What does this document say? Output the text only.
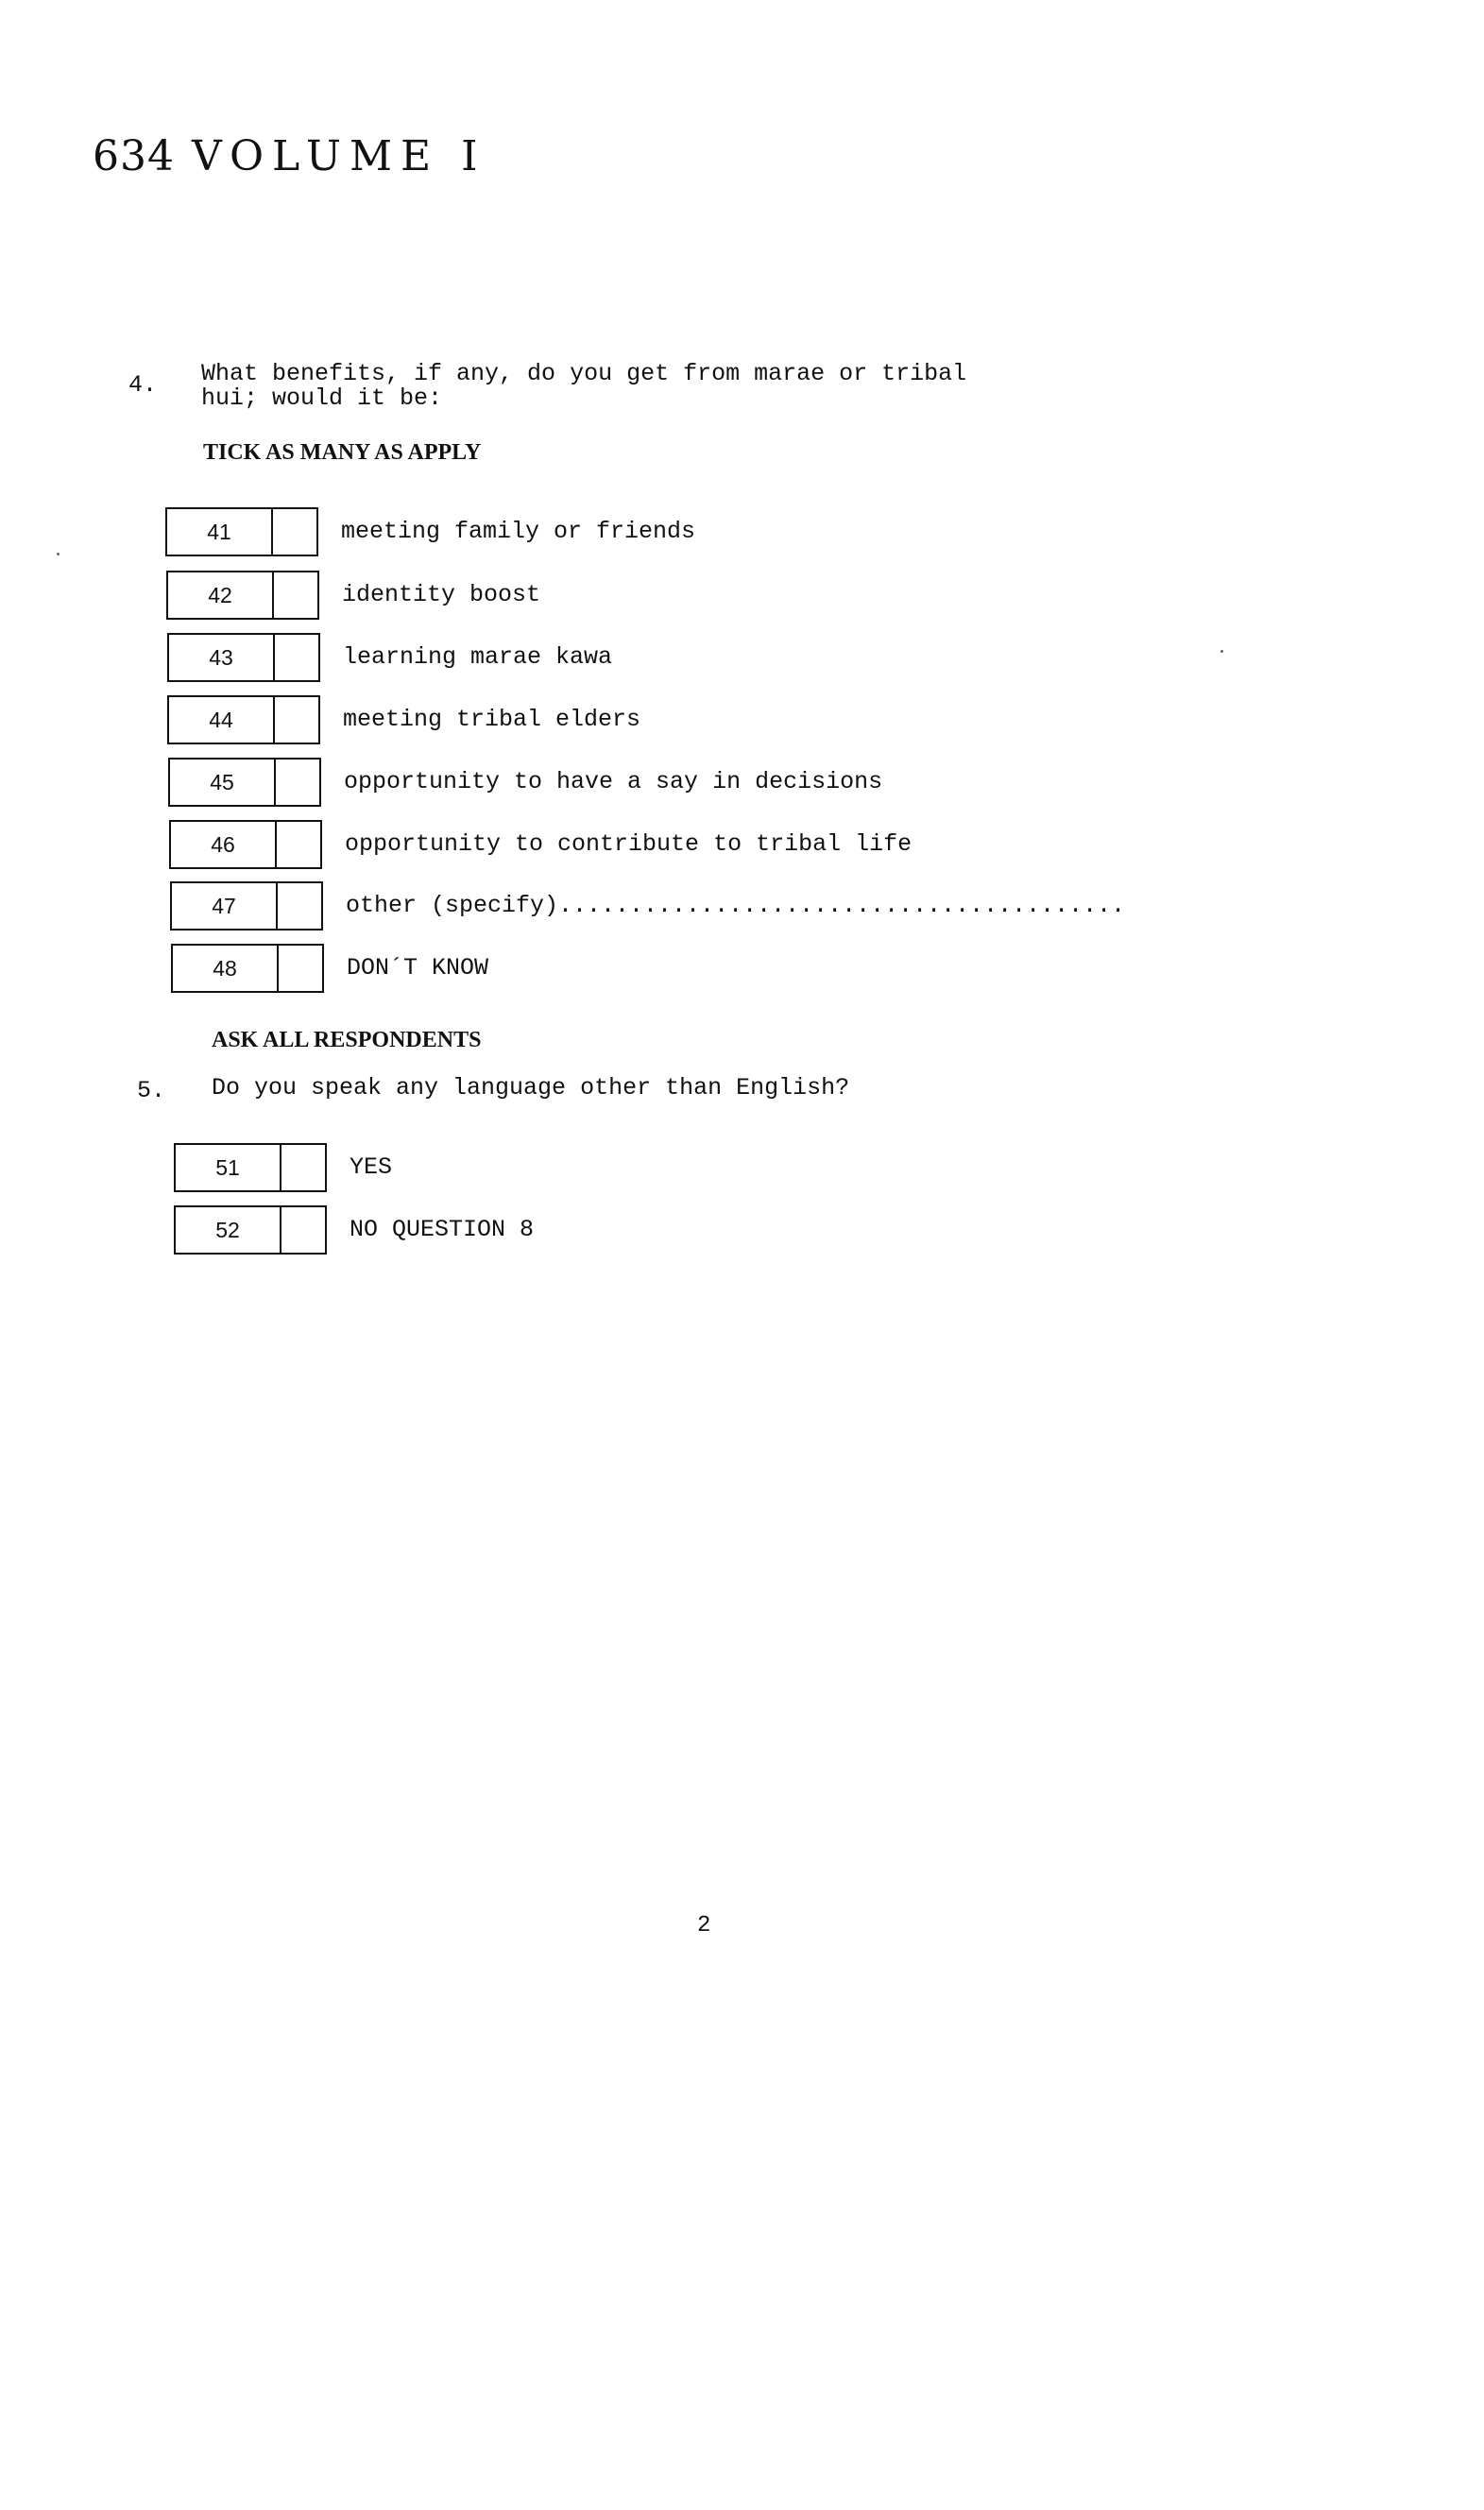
634 VOLUME I
4. What benefits, if any, do you get from marae or tribal
hui; would it be:
TICK AS MANY AS APPLY
41	meeting family or friends
42	identity boost
43	learning marae kawa
44	meeting tribal elders
45	opportunity to have a say in decisions
46	opportunity to contribute to tribal life
47	other (specify)........................................
48	DON´T KNOW
ASK ALL RESPONDENTS
5. Do you speak any language other than English?
51	YES
52	NO QUESTION 8
2
